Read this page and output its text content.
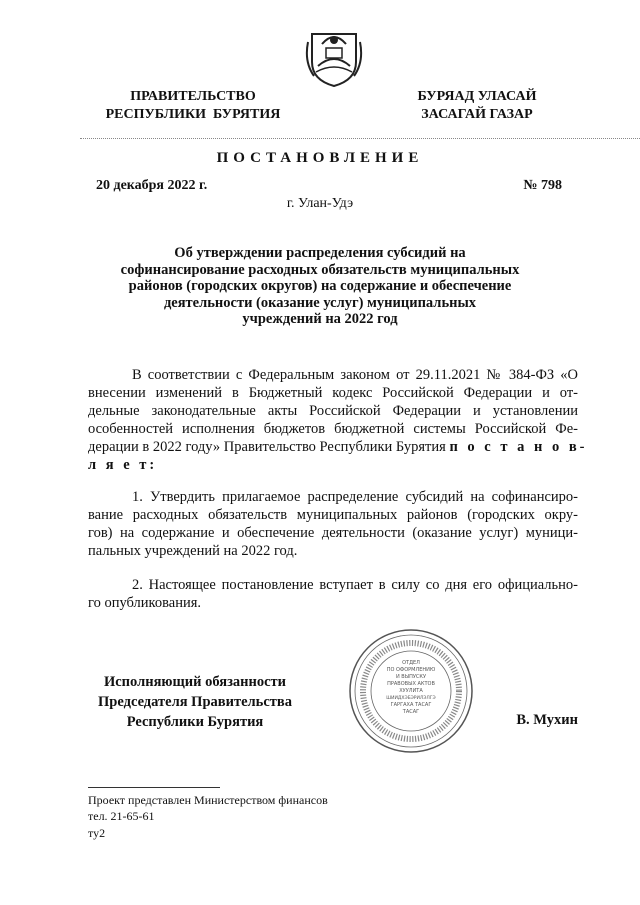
ПРАВИТЕЛЬСТВО
РЕСПУБЛИКИ  БУРЯТИЯ
БУРЯАД УЛАСАЙ
ЗАСАГАЙ ГАЗАР
ПОСТАНОВЛЕНИЕ
20 декабря 2022 г.	№ 798
г. Улан-Удэ
Об утверждении распределения субсидий на
софинансирование расходных обязательств муниципальных
районов (городских округов) на содержание и обеспечение
деятельности (оказание услуг) муниципальных
учреждений на 2022 год
В соответствии с Федеральным законом от 29.11.2021 № 384-ФЗ «О
внесении изменений в Бюджетный кодекс Российской Федерации и от-
дельные законодательные акты Российской Федерации и установлении
особенностей исполнения бюджетов бюджетной системы Российской Фе-
дерации в 2022 году» Правительство Республики Бурятия п о с т а н о в-
л я е т:
1. Утвердить прилагаемое распределение субсидий на софинансиро-
вание расходных обязательств муниципальных районов (городских окру-
гов) на содержание и обеспечение деятельности (оказание услуг) муници-
пальных учреждений на 2022 год.
2. Настоящее постановление вступает в силу со дня его официально-
го опубликования.
Исполняющий обязанности
Председателя Правительства
Республики Бурятия	В. Мухин
ОТДЕЛ
ПО ОФОРМЛЕНИЮ
И ВЫПУСКУ
ПРАВОВЫХ АКТОВ
ХУУЛИТА
ШИИДХЭБЭРИЛЭЛГЭ
ГАРГАХА ТАСАГ
ТАСАГ
Проект представлен Министерством финансов
тел. 21-65-61
ту2
